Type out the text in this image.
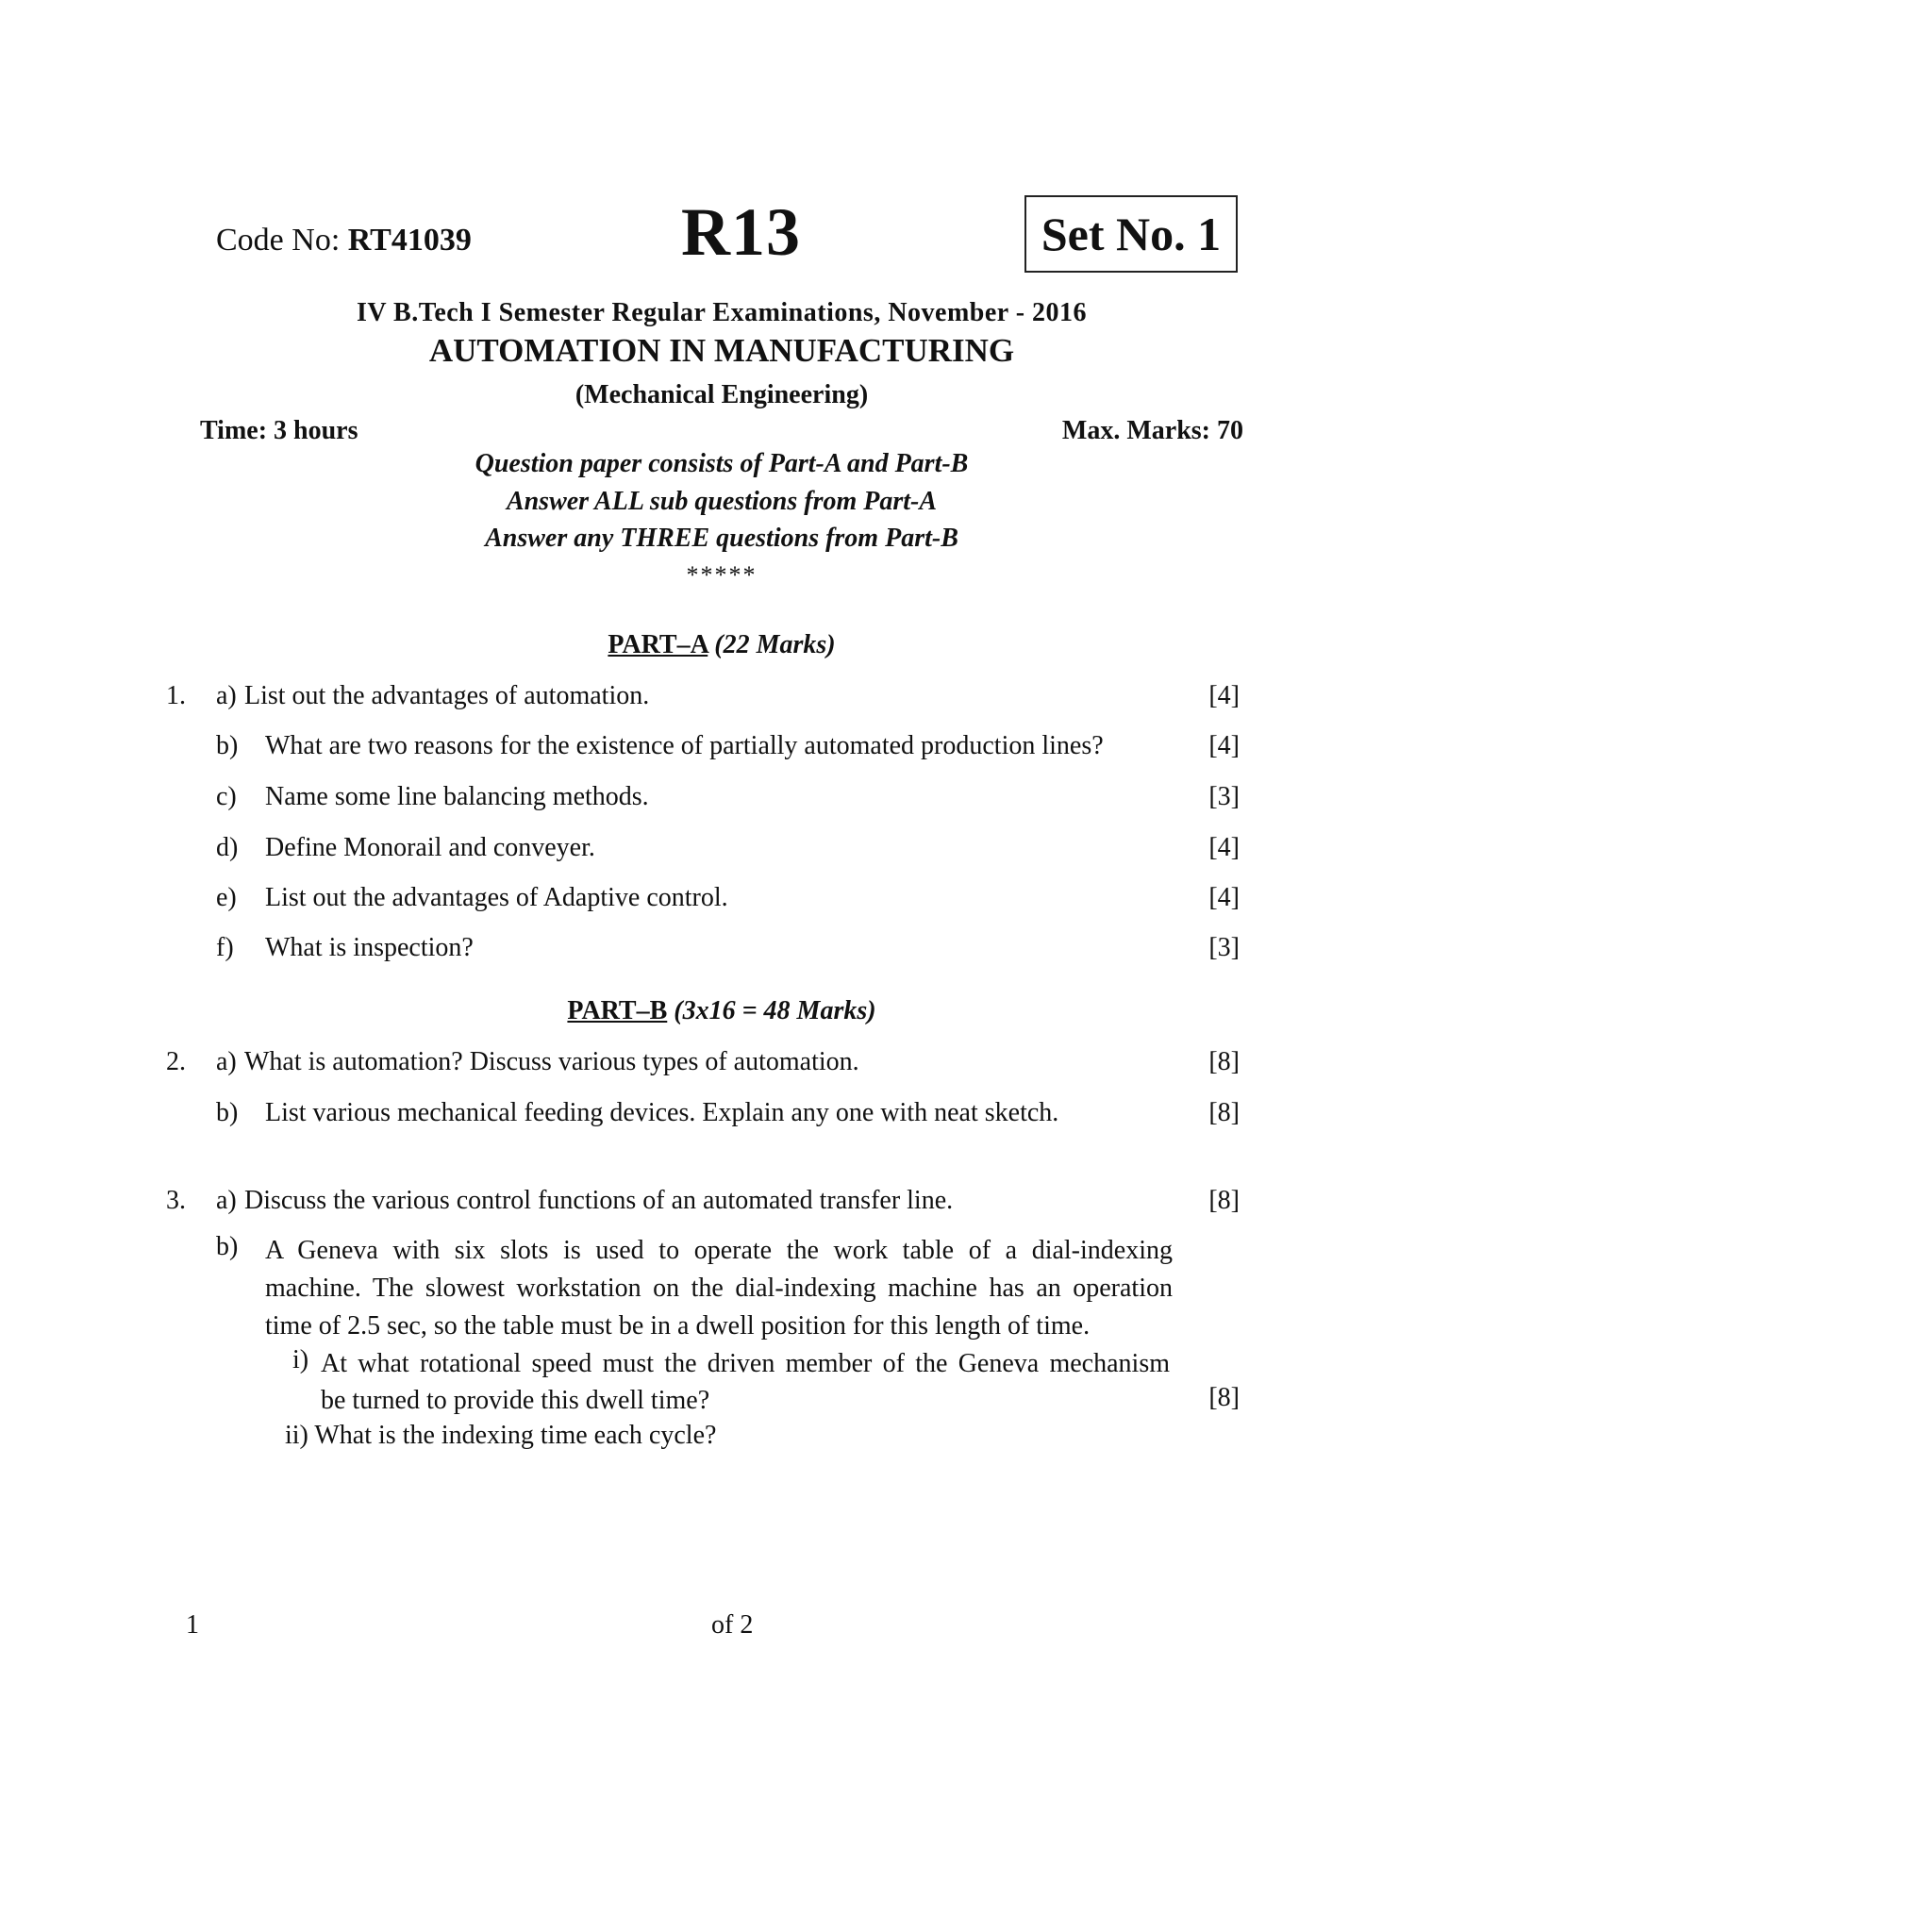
Code No: RT41039	R13	Set No. 1
IV B.Tech I Semester Regular Examinations, November - 2016
AUTOMATION IN MANUFACTURING
(Mechanical Engineering)
Time: 3 hours	Max. Marks: 70
Question paper consists of Part-A and Part-B
Answer ALL sub questions from Part-A
Answer any THREE questions from Part-B
*****
PART–A (22 Marks)
1. a) List out the advantages of automation.	[4]
b) What are two reasons for the existence of partially automated production lines?	[4]
c) Name some line balancing methods.	[3]
d) Define Monorail and conveyer.	[4]
e) List out the advantages of Adaptive control.	[4]
f) What is inspection?	[3]
PART–B (3x16 = 48 Marks)
2. a) What is automation? Discuss various types of automation.	[8]
b) List various mechanical feeding devices. Explain any one with neat sketch.	[8]
3. a) Discuss the various control functions of an automated transfer line.	[8]
b) A Geneva with six slots is used to operate the work table of a dial-indexing
machine. The slowest workstation on the dial-indexing machine has an operation
time of 2.5 sec, so the table must be in a dwell position for this length of time.
i) At what rotational speed must the driven member of the Geneva mechanism
be turned to provide this dwell time?	[8]
ii) What is the indexing time each cycle?
1	of 2
